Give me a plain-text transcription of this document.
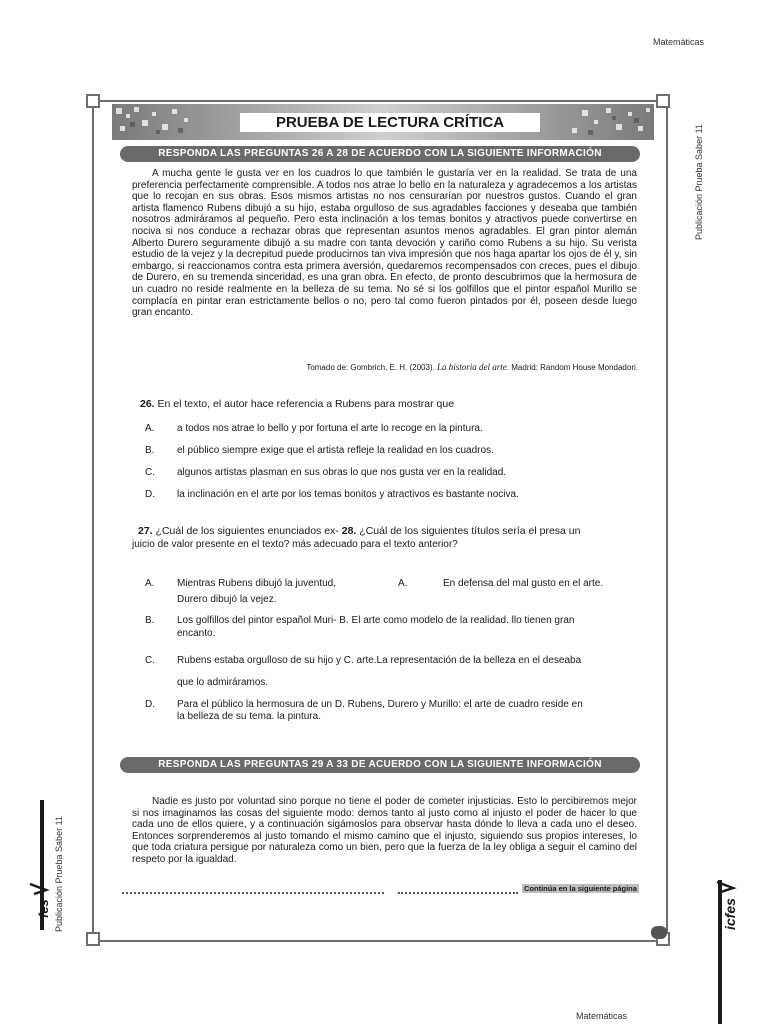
Matemáticas
Matemáticas
Publicación Prueba Saber 11
Publicación Prueba Saber 11
fes	icfes
PRUEBA DE LECTURA CRÍTICA
RESPONDA LAS PREGUNTAS 26 A 28 DE ACUERDO CON LA SIGUIENTE INFORMACIÓN
A mucha gente le gusta ver en los cuadros lo que también le gustaría ver en la realidad. Se trata de una preferencia perfectamente comprensible. A todos nos atrae lo bello en la naturaleza y agradecemos a los artistas que lo recojan en sus obras. Esos mismos artistas no nos censurarían por nuestros gustos. Cuando el gran artista flamenco Rubens dibujó a su hijo, estaba orgulloso de sus agradables facciones y deseaba que también nosotros admiráramos al pequeño. Pero esta inclinación a los temas bonitos y atractivos puede convertirse en nociva si nos conduce a rechazar obras que representan asuntos menos agradables. El gran pintor alemán Alberto Durero seguramente dibujó a su madre con tanta devoción y cariño como Rubens a su hijo. Su verista estudio de la vejez y la decrepitud puede producirnos tan viva impresión que nos haga apartar los ojos de él y, sin embargo, si reaccionamos contra esta primera aversión, quedaremos recompensados con creces, pues el dibujo de Durero, en su tremenda sinceridad, es una gran obra. En efecto, de pronto descubrimos que la hermosura de un cuadro no reside realmente en la belleza de su tema. No sé si los golfillos que el pintor español Murillo se complacía en pintar eran estrictamente bellos o no, pero tal como fueron pintados por él, poseen desde luego gran encanto.
Tomado de: Gombrich, E. H. (2003). La historia del arte. Madrid: Random House Mondadori.
26. En el texto, el autor hace referencia a Rubens para mostrar que
A. a todos nos atrae lo bello y por fortuna el arte lo recoge en la pintura.
B. el público siempre exige que el artista refleje la realidad en los cuadros.
C. algunos artistas plasman en sus obras lo que nos gusta ver en la realidad.
D. la inclinación en el arte por los temas bonitos y atractivos es bastante nociva.
27. ¿Cuál de los siguientes enunciados ex- 28. ¿Cuál de los siguientes títulos sería el presa un
juicio de valor presente en el texto? más adecuado para el texto anterior?
A. Mientras Rubens dibujó la juventud,
Durero dibujó la vejez.
A.	En defensa del mal gusto en el arte.
B. Los golfillos del pintor español Muri- B. El arte como modelo de la realidad. llo tienen gran
encanto.
C. Rubens estaba orgulloso de su hijo y C. arte.La representación de la belleza en el deseaba
que lo admiráramos.
D. Para el público la hermosura de un D. Rubens, Durero y Murillo: el arte de cuadro reside en
la belleza de su tema. la pintura.
RESPONDA LAS PREGUNTAS 29 A 33 DE ACUERDO CON LA SIGUIENTE INFORMACIÓN
Nadie es justo por voluntad sino porque no tiene el poder de cometer injusticias. Esto lo percibiremos mejor si nos imaginamos las cosas del siguiente modo: demos tanto al justo como al injusto el poder de hacer lo que cada uno de ellos quiere, y a continuación sigámoslos para observar hasta dónde lo lleva a cada uno el deseo. Entonces sorprenderemos al justo tomando el mismo camino que el injusto, siguiendo sus propios intereses, lo que toda criatura persigue por naturaleza como un bien, pero que la fuerza de la ley obliga a seguir el camino del respeto por la igualdad.
Continúa en la siguiente página
